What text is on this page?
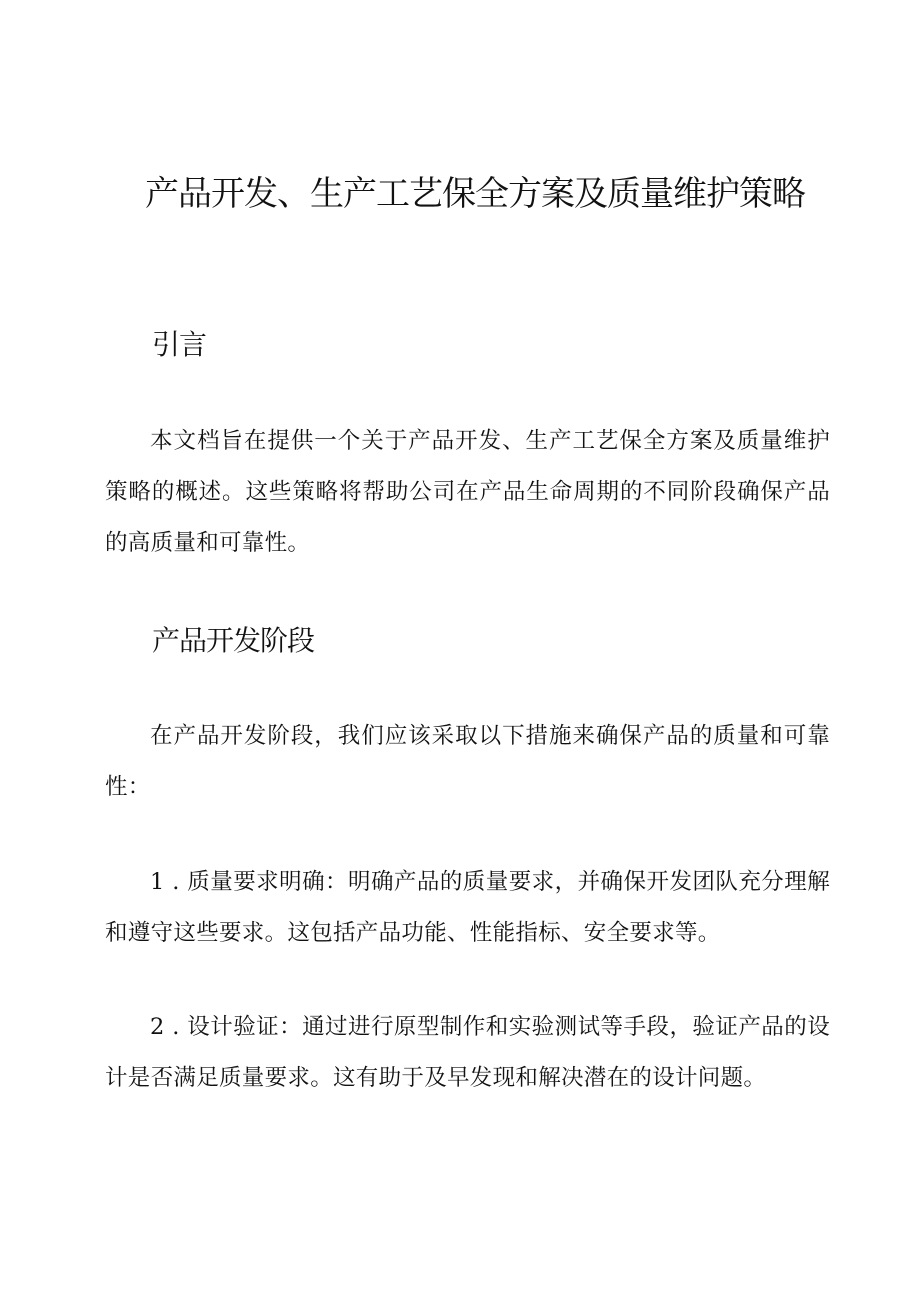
产品开发、生产工艺保全方案及质量维护策略
引言

本文档旨在提供一个关于产品开发、生产工艺保全方案及质量维护策略的概述。这些策略将帮助公司在产品生命周期的不同阶段确保产品的高质量和可靠性。

产品开发阶段

在产品开发阶段，我们应该采取以下措施来确保产品的质量和可靠性：

1 . 质量要求明确：明确产品的质量要求，并确保开发团队充分理解和遵守这些要求。这包括产品功能、性能指标、安全要求等。

2 . 设计验证：通过进行原型制作和实验测试等手段，验证产品的设计是否满足质量要求。这有助于及早发现和解决潜在的设计问题。
